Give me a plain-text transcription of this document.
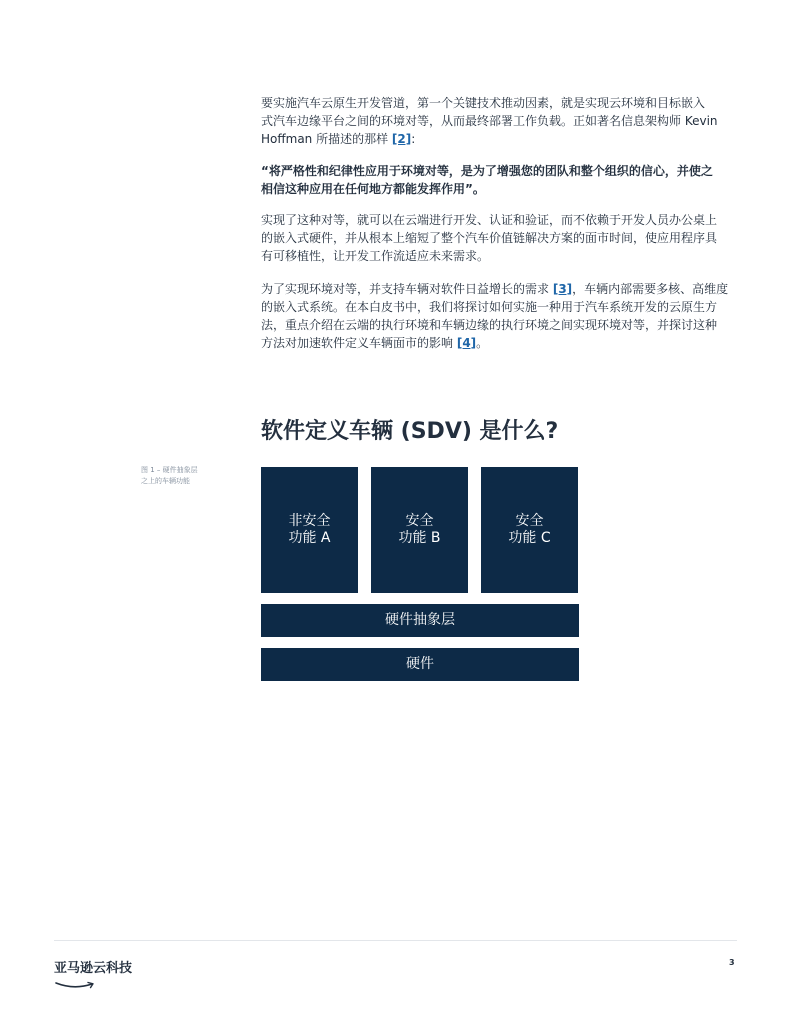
要实施汽车云原生开发管道，第一个关键技术推动因素，就是实现云环境和目标嵌入
式汽车边缘平台之间的环境对等，从而最终部署工作负载。正如著名信息架构师 Kevin
Hoffman 所描述的那样 [2]:
“将严格性和纪律性应用于环境对等，是为了增强您的团队和整个组织的信心，并使之
相信这种应用在任何地方都能发挥作用”。
实现了这种对等，就可以在云端进行开发、认证和验证，而不依赖于开发人员办公桌上
的嵌入式硬件，并从根本上缩短了整个汽车价值链解决方案的面市时间，使应用程序具
有可移植性，让开发工作流适应未来需求。
为了实现环境对等，并支持车辆对软件日益增长的需求 [3]，车辆内部需要多核、高维度
的嵌入式系统。在本白皮书中，我们将探讨如何实施一种用于汽车系统开发的云原生方
法，重点介绍在云端的执行环境和车辆边缘的执行环境之间实现环境对等，并探讨这种
方法对加速软件定义车辆面市的影响 [4]。
软件定义车辆 (SDV) 是什么?
图 1 – 硬件抽象层
之上的车辆功能
非安全
功能 A
安全
功能 B
安全
功能 C
硬件抽象层
硬件
亚马逊云科技	3
